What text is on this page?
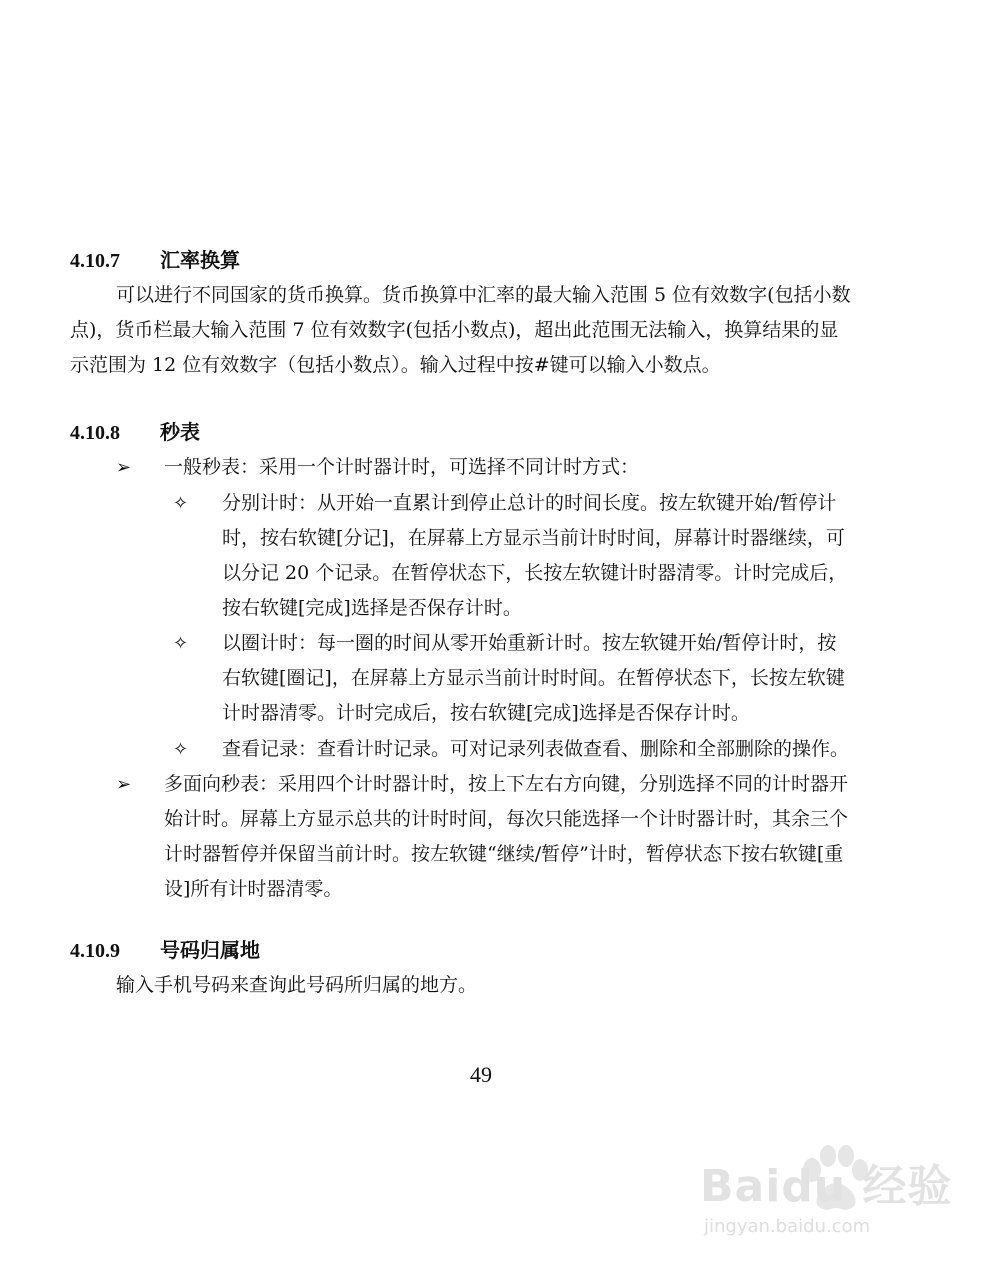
4.10.7 汇率换算
可以进行不同国家的货币换算。货币换算中汇率的最大输入范围 5 位有效数字(包括小数
点)，货币栏最大输入范围 7 位有效数字(包括小数点)，超出此范围无法输入，换算结果的显
示范围为 12 位有效数字（包括小数点）。输入过程中按#键可以输入小数点。
4.10.8 秒表
➢ 一般秒表：采用一个计时器计时，可选择不同计时方式：
✧ 分别计时：从开始一直累计到停止总计的时间长度。按左软键开始/暂停计
时，按右软键[分记]，在屏幕上方显示当前计时时间，屏幕计时器继续，可
以分记 20 个记录。在暂停状态下，长按左软键计时器清零。计时完成后，
按右软键[完成]选择是否保存计时。
✧ 以圈计时：每一圈的时间从零开始重新计时。按左软键开始/暂停计时，按
右软键[圈记]，在屏幕上方显示当前计时时间。在暂停状态下，长按左软键
计时器清零。计时完成后，按右软键[完成]选择是否保存计时。
✧ 查看记录：查看计时记录。可对记录列表做查看、删除和全部删除的操作。
➢ 多面向秒表：采用四个计时器计时，按上下左右方向键，分别选择不同的计时器开
始计时。屏幕上方显示总共的计时时间，每次只能选择一个计时器计时，其余三个
计时器暂停并保留当前计时。按左软键“继续/暂停”计时，暂停状态下按右软键[重
设]所有计时器清零。
4.10.9 号码归属地
输入手机号码来查询此号码所归属的地方。
49
Baidu 经验
jingyan.baidu.com
